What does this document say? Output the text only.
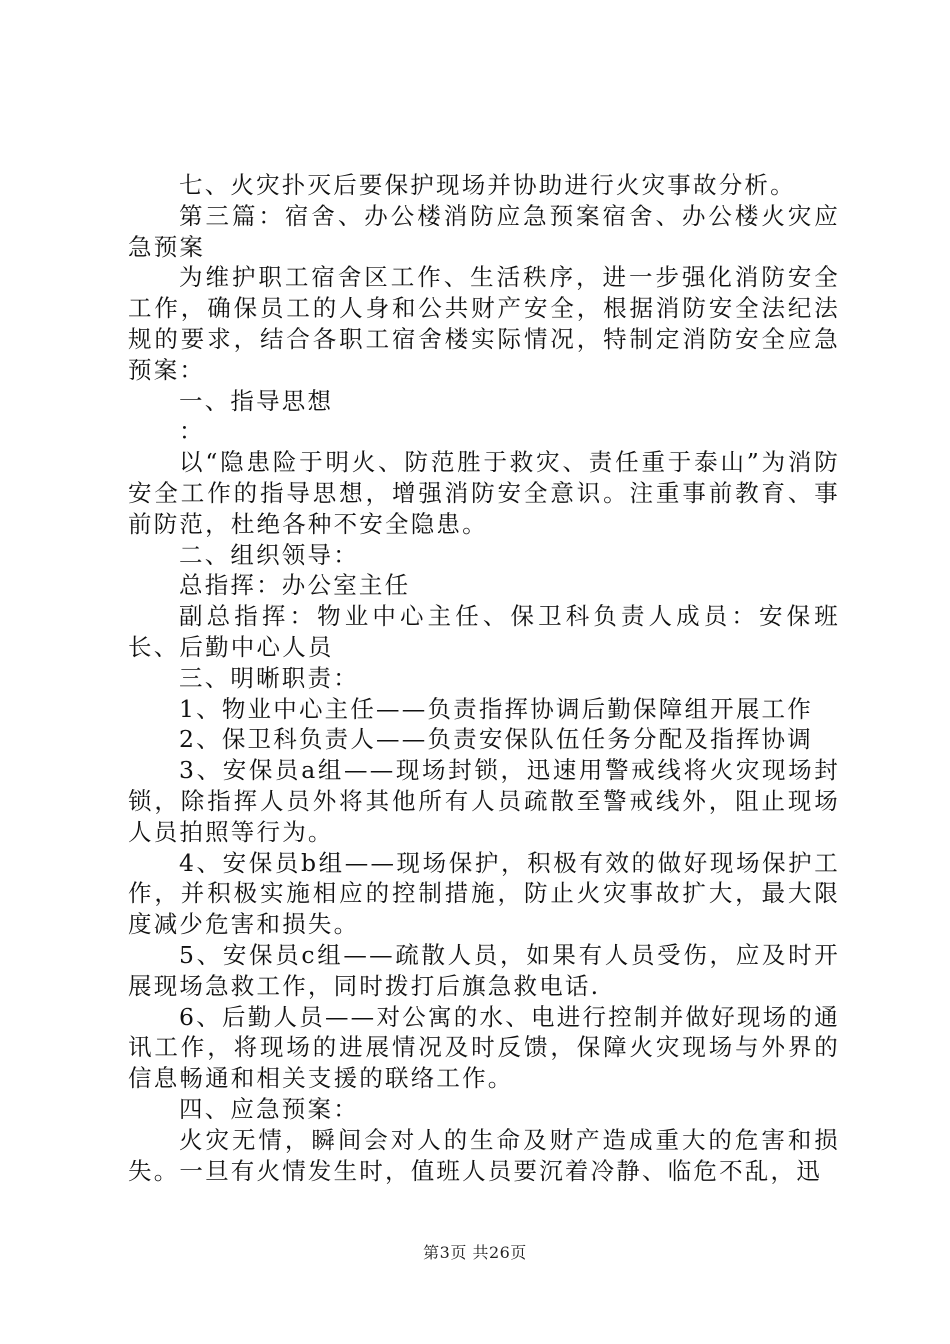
七、火灾扑灭后要保护现场并协助进行火灾事故分析。

第三篇：宿舍、办公楼消防应急预案宿舍、办公楼火灾应急预案

为维护职工宿舍区工作、生活秩序，进一步强化消防安全工作，确保员工的人身和公共财产安全，根据消防安全法纪法规的要求，结合各职工宿舍楼实际情况，特制定消防安全应急预案：

一、指导思想

：

以“隐患险于明火、防范胜于救灾、责任重于泰山”为消防安全工作的指导思想，增强消防安全意识。注重事前教育、事前防范，杜绝各种不安全隐患。

二、组织领导：

总指挥：办公室主任

副总指挥：物业中心主任、保卫科负责人成员：安保班长、后勤中心人员

三、明晰职责：

1、物业中心主任——负责指挥协调后勤保障组开展工作

2、保卫科负责人——负责安保队伍任务分配及指挥协调

3、安保员a组——现场封锁，迅速用警戒线将火灾现场封锁，除指挥人员外将其他所有人员疏散至警戒线外，阻止现场人员拍照等行为。

4、安保员b组——现场保护，积极有效的做好现场保护工作，并积极实施相应的控制措施，防止火灾事故扩大，最大限度减少危害和损失。

5、安保员c组——疏散人员，如果有人员受伤，应及时开展现场急救工作，同时拨打后旗急救电话.

6、后勤人员——对公寓的水、电进行控制并做好现场的通讯工作，将现场的进展情况及时反馈，保障火灾现场与外界的信息畅通和相关支援的联络工作。

四、应急预案：

火灾无情，瞬间会对人的生命及财产造成重大的危害和损失。一旦有火情发生时，值班人员要沉着冷静、临危不乱，迅

第3页 共26页
